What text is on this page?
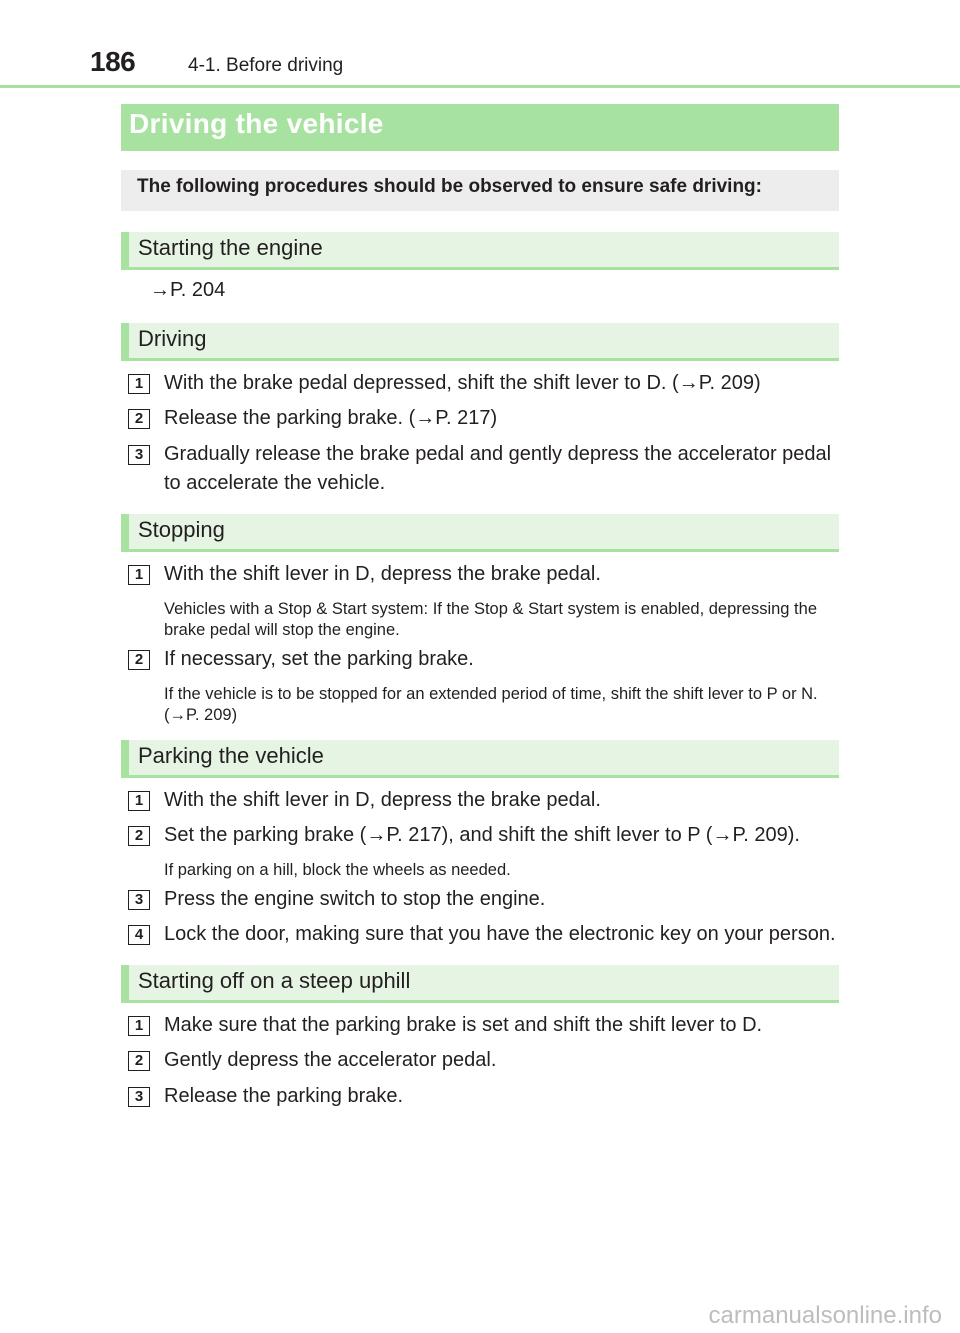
186	4-1. Before driving
Driving the vehicle
The following procedures should be observed to ensure safe driving:
Starting the engine
→P. 204
Driving
1	With the brake pedal depressed, shift the shift lever to D. (→P. 209)
2	Release the parking brake. (→P. 217)
3	Gradually release the brake pedal and gently depress the accelerator pedal to accelerate the vehicle.
Stopping
1	With the shift lever in D, depress the brake pedal.
Vehicles with a Stop & Start system: If the Stop & Start system is enabled, depressing the brake pedal will stop the engine.
2	If necessary, set the parking brake.
If the vehicle is to be stopped for an extended period of time, shift the shift lever to P or N. (→P. 209)
Parking the vehicle
1	With the shift lever in D, depress the brake pedal.
2	Set the parking brake (→P. 217), and shift the shift lever to P (→P. 209).
If parking on a hill, block the wheels as needed.
3	Press the engine switch to stop the engine.
4	Lock the door, making sure that you have the electronic key on your person.
Starting off on a steep uphill
1	Make sure that the parking brake is set and shift the shift lever to D.
2	Gently depress the accelerator pedal.
3	Release the parking brake.
carmanualsonline.info
